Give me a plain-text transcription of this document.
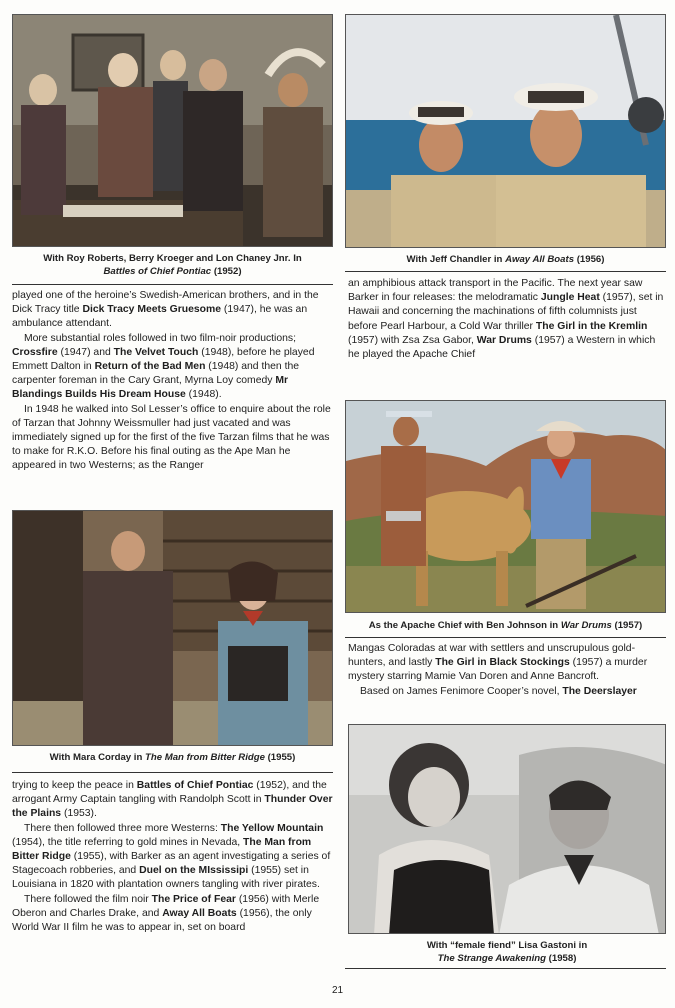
With Roy Roberts, Berry Kroeger and Lon Chaney Jnr. In
Battles of Chief Pontiac (1952)

played one of the heroine’s Swedish-American brothers, and in the Dick Tracy title Dick Tracy Meets Gruesome (1947), he was an ambulance attendant.

More substantial roles followed in two film-noir productions; Crossfire (1947) and The Velvet Touch (1948), before he played Emmett Dalton in Return of the Bad Men (1948) and then the carpenter foreman in the Cary Grant, Myrna Loy comedy Mr Blandings Builds His Dream House (1948).

In 1948 he walked into Sol Lesser’s office to enquire about the role of Tarzan that Johnny Weissmuller had just vacated and was immediately signed up for the first of the five Tarzan films that he was to make for R.K.O. Before his final outing as the Ape Man he appeared in two Westerns; as the Ranger

With Mara Corday in The Man from Bitter Ridge (1955)

trying to keep the peace in Battles of Chief Pontiac (1952), and the arrogant Army Captain tangling with Randolph Scott in Thunder Over the Plains (1953).

There then followed three more Westerns: The Yellow Mountain (1954), the title referring to gold mines in Nevada, The Man from Bitter Ridge (1955), with Barker as an agent investigating a series of Stagecoach robberies, and Duel on the MIssissipi (1955) set in Louisiana in 1820 with plantation owners tangling with river pirates.

There followed the film noir The Price of Fear (1956) with Merle Oberon and Charles Drake, and Away All Boats (1956), the only World War II film he was to appear in, set on board

With Jeff Chandler in Away All Boats (1956)

an amphibious attack transport in the Pacific. The next year saw Barker in four releases: the melodramatic Jungle Heat (1957), set in Hawaii and concerning the machinations of fifth columnists just before Pearl Harbour, a Cold War thriller The Girl in the Kremlin (1957) with Zsa Zsa Gabor, War Drums (1957) a Western in which he played the Apache Chief

As the Apache Chief with Ben Johnson in War Drums (1957)

Mangas Coloradas at war with settlers and unscrupulous gold-hunters, and lastly The Girl in Black Stockings (1957) a murder mystery starring Mamie Van Doren and Anne Bancroft.

Based on James Fenimore Cooper’s novel, The Deerslayer

With “female fiend” Lisa Gastoni in
The Strange Awakening (1958)
21
